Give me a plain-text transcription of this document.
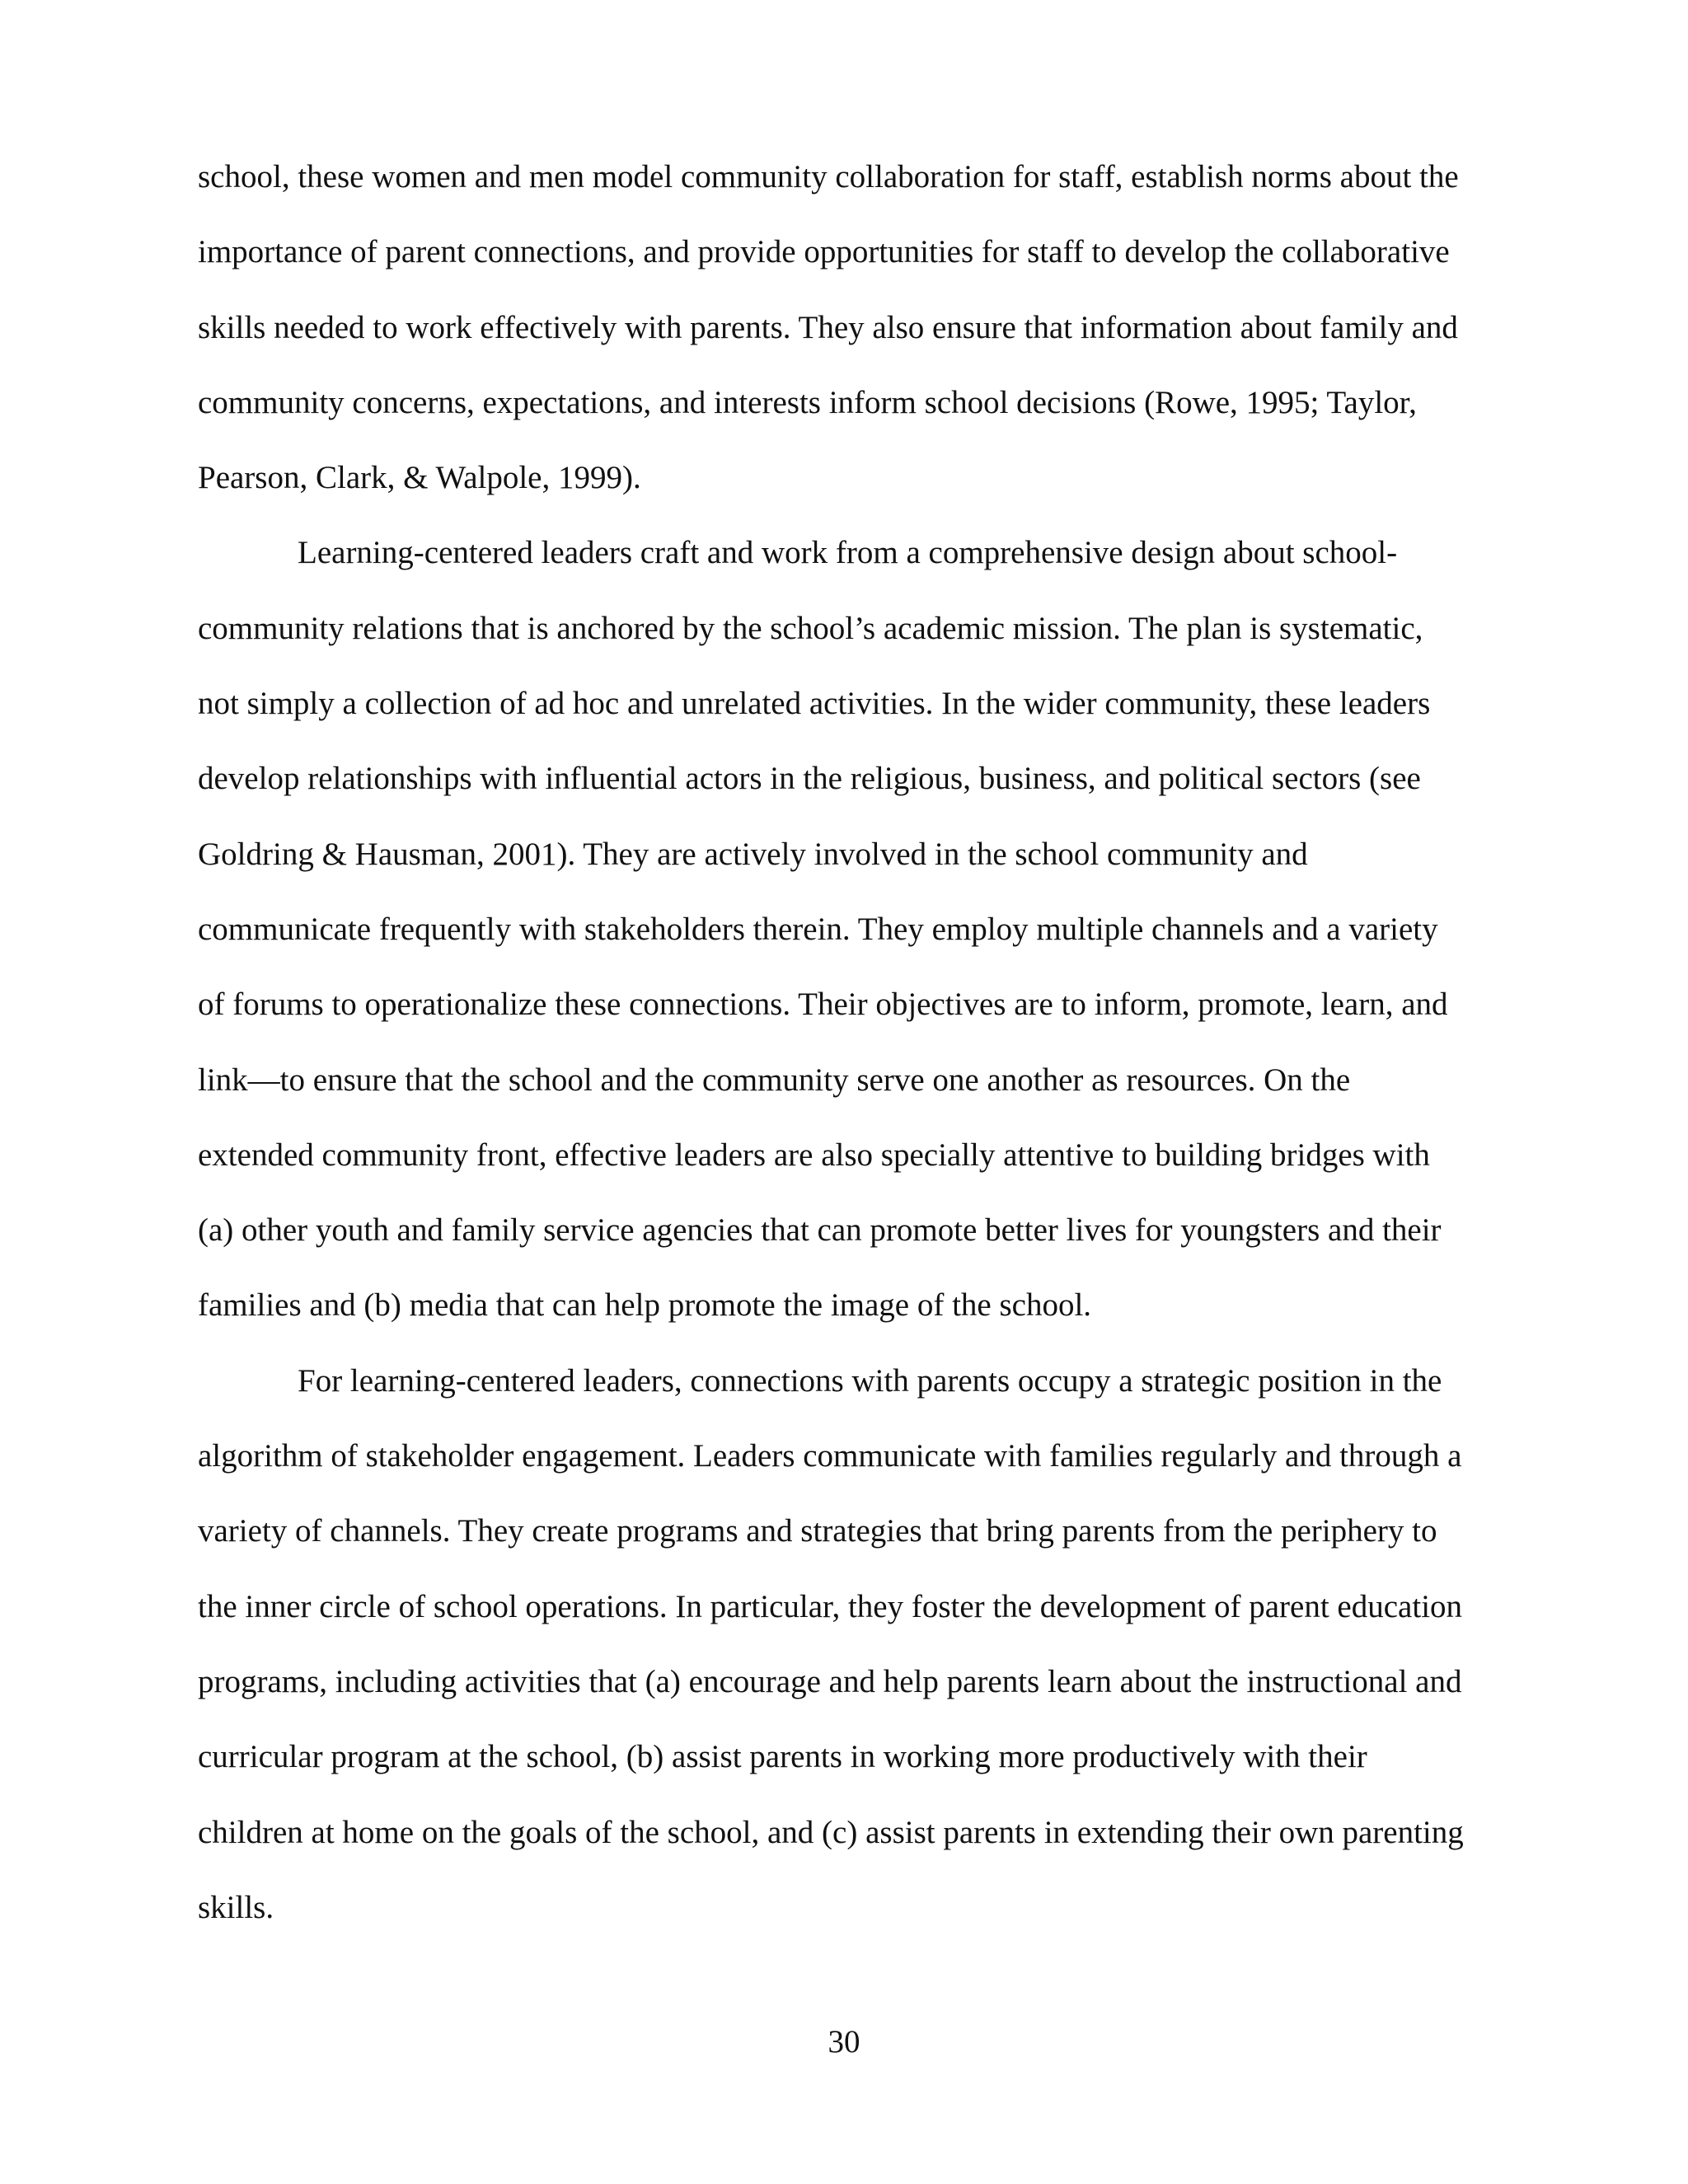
school, these women and men model community collaboration for staff, establish norms about the
importance of parent connections, and provide opportunities for staff to develop the collaborative
skills needed to work effectively with parents. They also ensure that information about family and
community concerns, expectations, and interests inform school decisions (Rowe, 1995; Taylor,
Pearson, Clark, & Walpole, 1999).
Learning-centered leaders craft and work from a comprehensive design about school-
community relations that is anchored by the school’s academic mission. The plan is systematic,
not simply a collection of ad hoc and unrelated activities. In the wider community, these leaders
develop relationships with influential actors in the religious, business, and political sectors (see
Goldring & Hausman, 2001). They are actively involved in the school community and
communicate frequently with stakeholders therein. They employ multiple channels and a variety
of forums to operationalize these connections. Their objectives are to inform, promote, learn, and
link—to ensure that the school and the community serve one another as resources. On the
extended community front, effective leaders are also specially attentive to building bridges with
(a) other youth and family service agencies that can promote better lives for youngsters and their
families and (b) media that can help promote the image of the school.
For learning-centered leaders, connections with parents occupy a strategic position in the
algorithm of stakeholder engagement. Leaders communicate with families regularly and through a
variety of channels. They create programs and strategies that bring parents from the periphery to
the inner circle of school operations. In particular, they foster the development of parent education
programs, including activities that (a) encourage and help parents learn about the instructional and
curricular program at the school, (b) assist parents in working more productively with their
children at home on the goals of the school, and (c) assist parents in extending their own parenting
skills.
30
